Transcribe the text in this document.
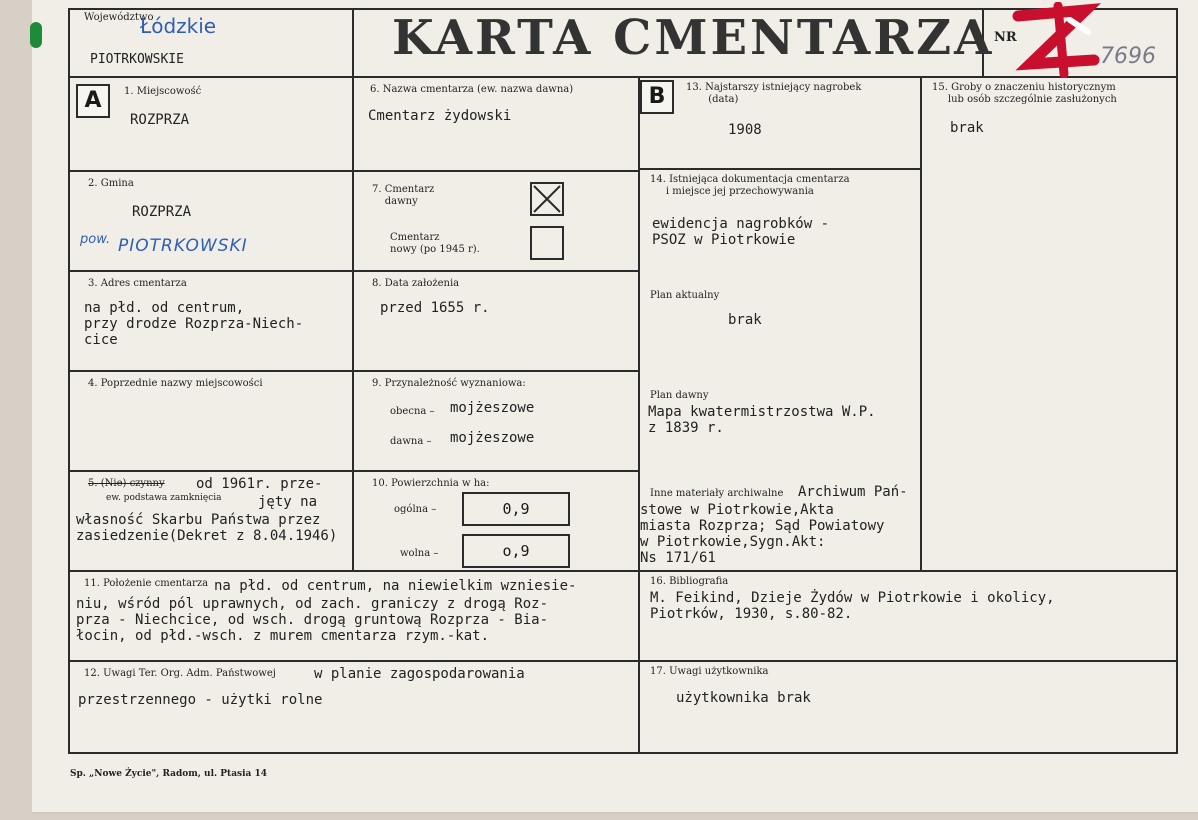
Województwo
Łódzkie
PIOTRKOWSKIE	KARTA CMENTARZA NR
7696
A	1. Miejscowość
ROZPRZA
2. Gmina
ROZPRZA
pow. PIOTRKOWSKI
3. Adres cmentarza
na płd. od centrum,
przy drodze Rozprza-Niech-
cice
4. Poprzednie nazwy miejscowości
5. (Nie) czynny
ew. podstawa zamknięcia
od 1961r. prze-
jęty na
własność Skarbu Państwa przez
zasiedzenie(Dekret z 8.04.1946)
6. Nazwa cmentarza (ew. nazwa dawna)
Cmentarz żydowski
7. Cmentarz
dawny
Cmentarz
nowy (po 1945 r).
8. Data założenia
przed 1655 r.
9. Przynależność wyznaniowa:
obecna – mojżeszowe
dawna – mojżeszowe
10. Powierzchnia w ha:
ogólna –	0,9
wolna –	o,9
11. Położenie cmentarza na płd. od centrum, na niewielkim wzniesie-
niu, wśród pól uprawnych, od zach. graniczy z drogą Roz-
prza - Niechcice, od wsch. drogą gruntową Rozprza - Bia-
łocin, od płd.-wsch. z murem cmentarza rzym.-kat.
12. Uwagi Ter. Org. Adm. Państwowej	w planie zagospodarowania
przestrzennego - użytki rolne
B	13. Najstarszy istniejący nagrobek
(data)
1908
14. Istniejąca dokumentacja cmentarza
i miejsce jej przechowywania
ewidencja nagrobków -
PSOZ w Piotrkowie
Plan aktualny
brak
Plan dawny
Mapa kwatermistrzostwa W.P.
z 1839 r.
Inne materiały archiwalne Archiwum Pań-
stowe w Piotrkowie,Akta
miasta Rozprza; Sąd Powiatowy
w Piotrkowie,Sygn.Akt:
Ns 171/61
15. Groby o znaczeniu historycznym
lub osób szczególnie zasłużonych
brak
16. Bibliografia
M. Feikind, Dzieje Żydów w Piotrkowie i okolicy,
Piotrków, 1930, s.80-82.
17. Uwagi użytkownika
użytkownika brak
Sp. „Nowe Życie", Radom, ul. Ptasia 14
